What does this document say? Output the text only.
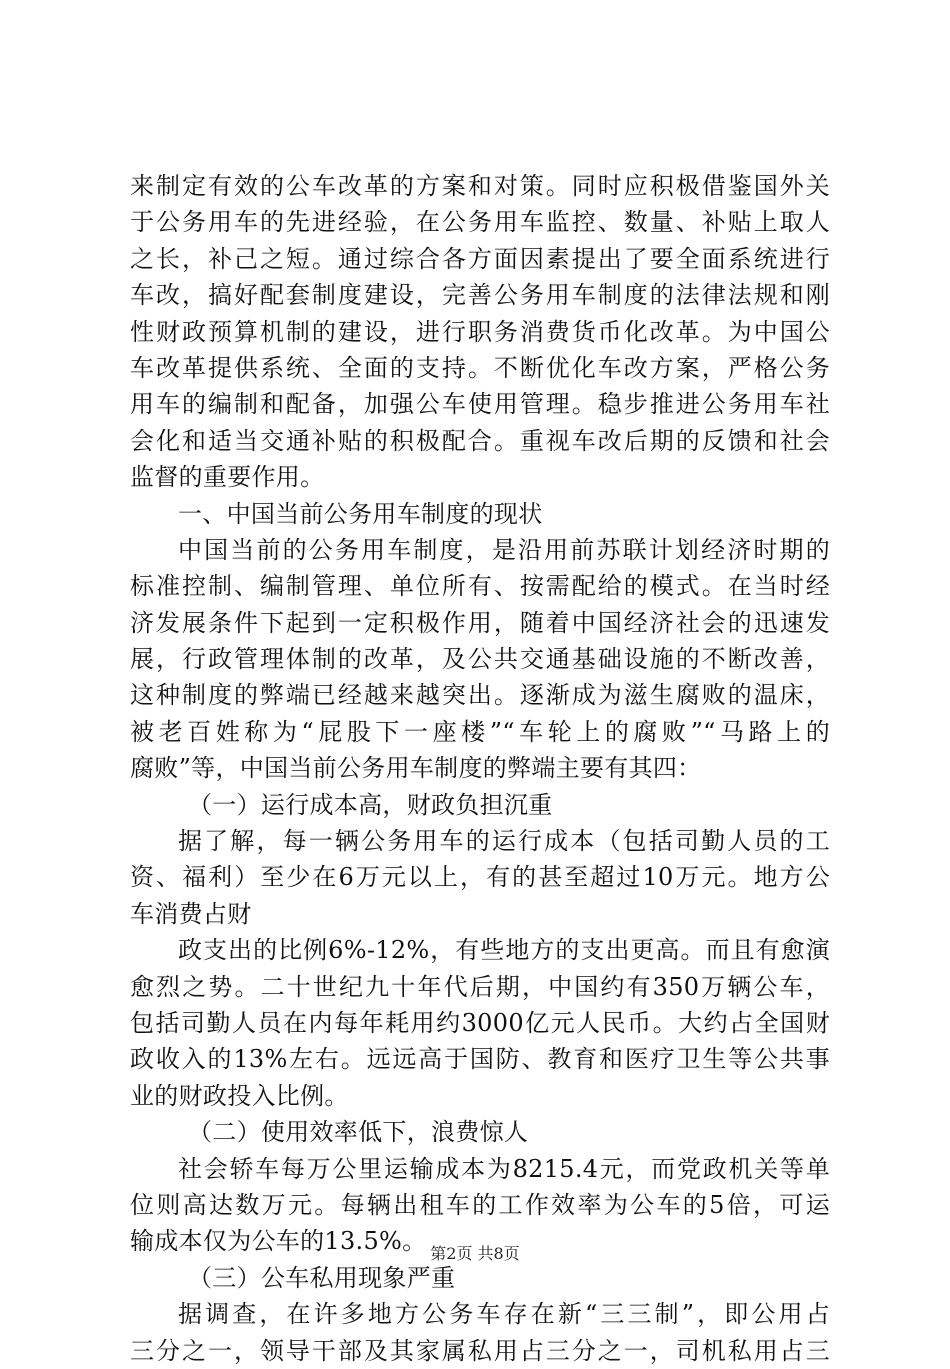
来制定有效的公车改革的方案和对策。同时应积极借鉴国外关
于公务用车的先进经验，在公务用车监控、数量、补贴上取人
之长，补己之短。通过综合各方面因素提出了要全面系统进行
车改，搞好配套制度建设，完善公务用车制度的法律法规和刚
性财政预算机制的建设，进行职务消费货币化改革。为中国公
车改革提供系统、全面的支持。不断优化车改方案，严格公务
用车的编制和配备，加强公车使用管理。稳步推进公务用车社
会化和适当交通补贴的积极配合。重视车改后期的反馈和社会
监督的重要作用。
一、中国当前公务用车制度的现状
中国当前的公务用车制度，是沿用前苏联计划经济时期的
标准控制、编制管理、单位所有、按需配给的模式。在当时经
济发展条件下起到一定积极作用，随着中国经济社会的迅速发
展，行政管理体制的改革，及公共交通基础设施的不断改善，
这种制度的弊端已经越来越突出。逐渐成为滋生腐败的温床，
被老百姓称为“屁股下一座楼”“车轮上的腐败”“马路上的
腐败”等，中国当前公务用车制度的弊端主要有其四：
（一）运行成本高，财政负担沉重
据了解，每一辆公务用车的运行成本（包括司勤人员的工
资、福利）至少在6万元以上，有的甚至超过10万元。地方公
车消费占财
政支出的比例6%-12%，有些地方的支出更高。而且有愈演
愈烈之势。二十世纪九十年代后期，中国约有350万辆公车，
包括司勤人员在内每年耗用约3000亿元人民币。大约占全国财
政收入的13%左右。远远高于国防、教育和医疗卫生等公共事
业的财政投入比例。
（二）使用效率低下，浪费惊人
社会轿车每万公里运输成本为8215.4元，而党政机关等单
位则高达数万元。每辆出租车的工作效率为公车的5倍，可运
输成本仅为公车的13.5%。
（三）公车私用现象严重
据调查，在许多地方公务车存在新“三三制”，即公用占
三分之一，领导干部及其家属私用占三分之一，司机私用占三
第2页 共8页
